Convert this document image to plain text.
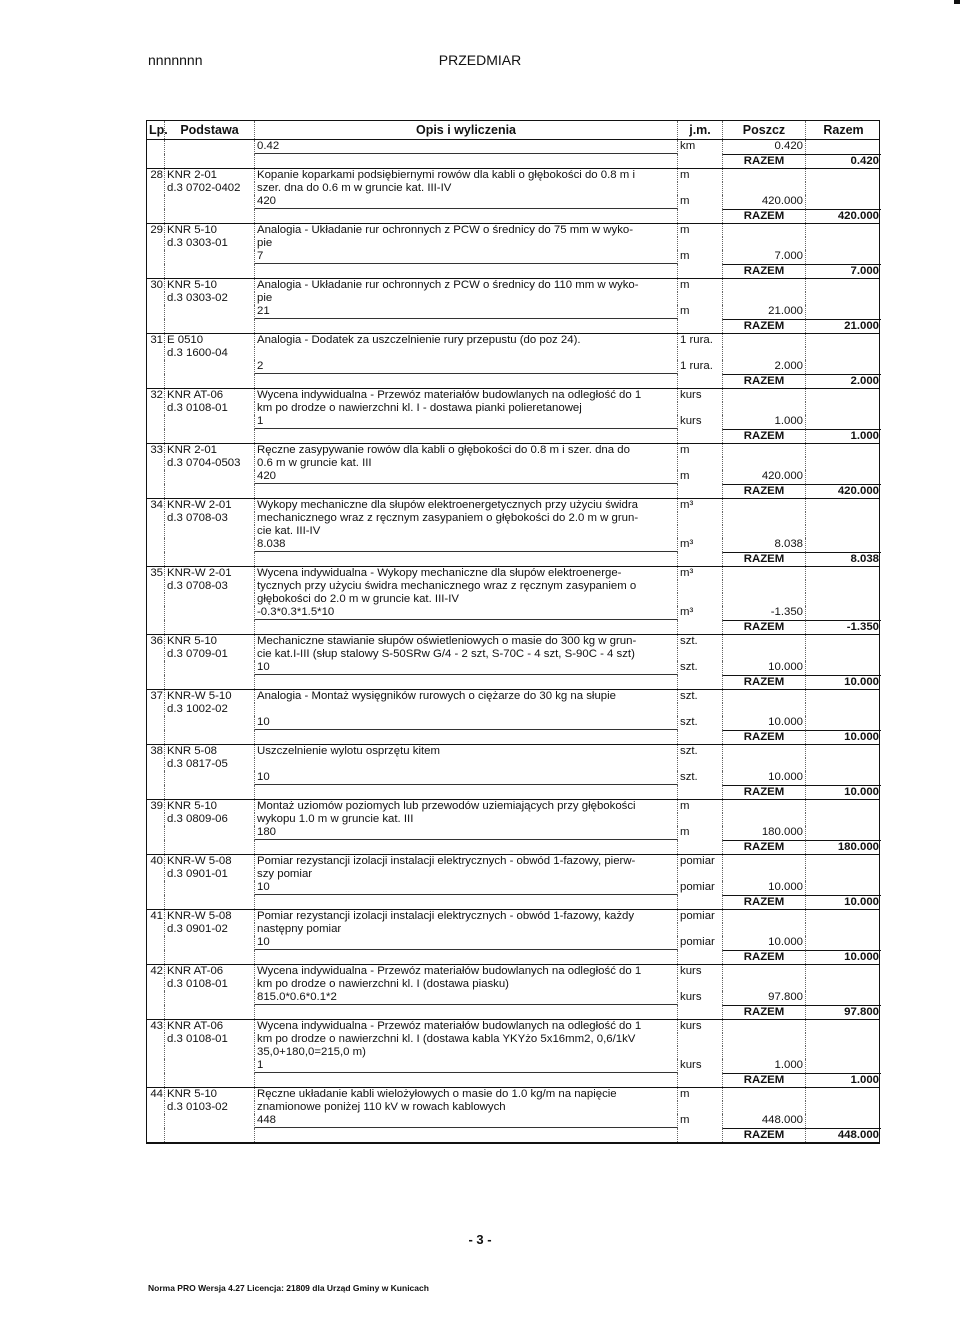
nnnnnnn	PRZEDMIAR
Lp.	Podstawa	Opis i wyliczenia	j.m.	Poszcz	Razem
0.42	km	0.420
RAZEM	0.420
28 KNR 2-01	Kopanie koparkami podsiębiernymi rowów dla kabli o głębokości do 0.8 m i	m
d.3 0702-0402	szer. dna do 0.6 m w gruncie kat. III-IV
420	m	420.000
RAZEM	420.000
29 KNR 5-10	Analogia - Układanie rur ochronnych z PCW o średnicy do 75 mm w wyko-	m
d.3 0303-01	pie
7	m	7.000
RAZEM	7.000
30 KNR 5-10	Analogia - Układanie rur ochronnych z PCW o średnicy do 110 mm w wyko-	m
d.3 0303-02	pie
21	m	21.000
RAZEM	21.000
31 E 0510	Analogia - Dodatek za uszczelnienie rury przepustu (do poz 24).	1 rura.
d.3 1600-04
2	1 rura.	2.000
RAZEM	2.000
32 KNR AT-06	Wycena indywidualna - Przewóz materiałów budowlanych na odległość do 1	kurs
d.3 0108-01	km po drodze o nawierzchni kl. I - dostawa pianki polieretanowej
1	kurs	1.000
RAZEM	1.000
33 KNR 2-01	Ręczne zasypywanie rowów dla kabli o głębokości do 0.8 m i szer. dna do	m
d.3 0704-0503	0.6 m w gruncie kat. III
420	m	420.000
RAZEM	420.000
34 KNR-W 2-01	Wykopy mechaniczne dla słupów elektroenergetycznych przy użyciu świdra	m³
d.3 0708-03	mechanicznego wraz z ręcznym zasypaniem o głębokości do 2.0 m w grun-
cie kat. III-IV
8.038	m³	8.038
RAZEM	8.038
35 KNR-W 2-01	Wycena indywidualna - Wykopy mechaniczne dla słupów elektroenerge-	m³
d.3 0708-03	tycznych przy użyciu świdra mechanicznego wraz z ręcznym zasypaniem o
głębokości do 2.0 m w gruncie kat. III-IV
-0.3*0.3*1.5*10	m³	-1.350
RAZEM	-1.350
36 KNR 5-10	Mechaniczne stawianie słupów oświetleniowych o masie do 300 kg w grun-	szt.
d.3 0709-01	cie kat.I-III (słup stalowy S-50SRw G/4 - 2 szt, S-70C - 4 szt, S-90C - 4 szt)
10	szt.	10.000
RAZEM	10.000
37 KNR-W 5-10	Analogia - Montaż wysięgników rurowych o ciężarze do 30 kg na słupie	szt.
d.3 1002-02
10	szt.	10.000
RAZEM	10.000
38 KNR 5-08	Uszczelnienie wylotu osprzętu kitem	szt.
d.3 0817-05
10	szt.	10.000
RAZEM	10.000
39 KNR 5-10	Montaż uziomów poziomych lub przewodów uziemiających przy głębokości	m
d.3 0809-06	wykopu 1.0 m w gruncie kat. III
180	m	180.000
RAZEM	180.000
40 KNR-W 5-08	Pomiar rezystancji izolacji instalacji elektrycznych - obwód 1-fazowy, pierw-	pomiar
d.3 0901-01	szy pomiar
10	pomiar	10.000
RAZEM	10.000
41 KNR-W 5-08	Pomiar rezystancji izolacji instalacji elektrycznych - obwód 1-fazowy, każdy	pomiar
d.3 0901-02	następny pomiar
10	pomiar	10.000
RAZEM	10.000
42 KNR AT-06	Wycena indywidualna - Przewóz materiałów budowlanych na odległość do 1	kurs
d.3 0108-01	km po drodze o nawierzchni kl. I (dostawa piasku)
815.0*0.6*0.1*2	kurs	97.800
RAZEM	97.800
43 KNR AT-06	Wycena indywidualna - Przewóz materiałów budowlanych na odległość do 1	kurs
d.3 0108-01	km po drodze o nawierzchni kl. I (dostawa kabla YKYżo 5x16mm2, 0,6/1kV
35,0+180,0=215,0 m)
1	kurs	1.000
RAZEM	1.000
44 KNR 5-10	Ręczne układanie kabli wielożyłowych o masie do 1.0 kg/m na napięcie	m
d.3 0103-02	znamionowe poniżej 110 kV w rowach kablowych
448	m	448.000
RAZEM	448.000
- 3 -
Norma PRO Wersja 4.27 Licencja: 21809 dla Urząd Gminy w Kunicach
